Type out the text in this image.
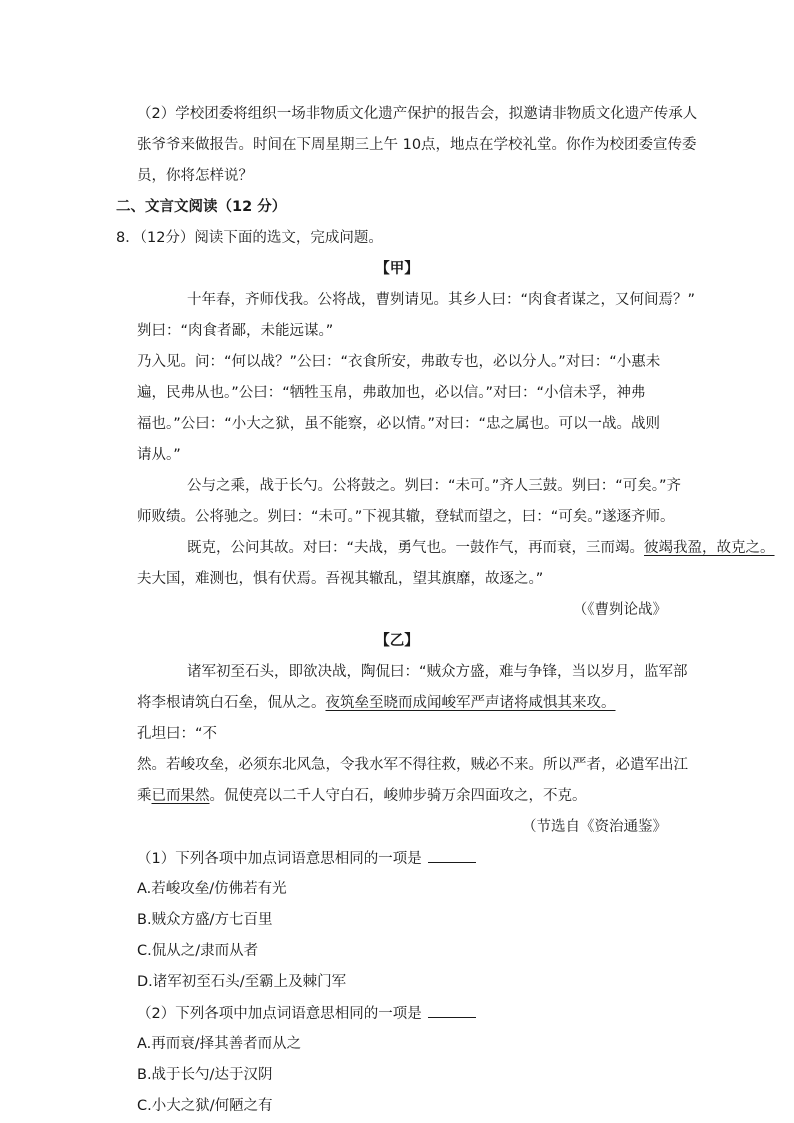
（2）学校团委将组织一场非物质文化遗产保护的报告会，拟邀请非物质文化遗产传承人
张爷爷来做报告。时间在下周星期三上午 10点，地点在学校礼堂。你作为校团委宣传委
员，你将怎样说？
二、文言文阅读（12 分）
8．（12分）阅读下面的选文，完成问题。
【甲】
十年春，齐师伐我。公将战，曹刿请见。其乡人曰：“肉食者谋之，又何间焉？”
刿曰：“肉食者鄙，未能远谋。”
乃入见。问：“何以战？”公曰：“衣食所安，弗敢专也，必以分人。”对曰：“小惠未
遍，民弗从也。”公曰：“牺牲玉帛，弗敢加也，必以信。”对曰：“小信未孚，神弗
福也。”公曰：“小大之狱，虽不能察，必以情。”对曰：“忠之属也。可以一战。战则
请从。”
公与之乘，战于长勺。公将鼓之。刿曰：“未可。”齐人三鼓。刿曰：“可矣。”齐
师败绩。公将驰之。刿曰：“未可。”下视其辙，登轼而望之，曰：“可矣。”遂逐齐师。
既克，公问其故。对曰：“夫战，勇气也。一鼓作气，再而衰，三而竭。彼竭我盈，故克之。
夫大国，难测也，惧有伏焉。吾视其辙乱，望其旗靡，故逐之。”
（《曹刿论战》
【乙】
诸军初至石头，即欲决战，陶侃曰：“贼众方盛，难与争锋，当以岁月，监军部
将李根请筑白石垒，侃从之。夜筑垒至晓而成闻峻军严声诸将咸惧其来攻。
孔坦曰：“不
然。若峻攻垒，必须东北风急，令我水军不得往救，贼必不来。所以严者，必遣军出江
乘已而果然。侃使亮以二千人守白石，峻帅步骑万余四面攻之，不克。
（节选自《资治通鉴》
（1）下列各项中加点词语意思相同的一项是
A.若峻攻垒/仿佛若有光
B.贼众方盛/方七百里
C.侃从之/隶而从者
D.诸军初至石头/至霸上及棘门军
（2）下列各项中加点词语意思相同的一项是
A.再而衰/择其善者而从之
B.战于长勺/达于汉阴
C.小大之狱/何陋之有
